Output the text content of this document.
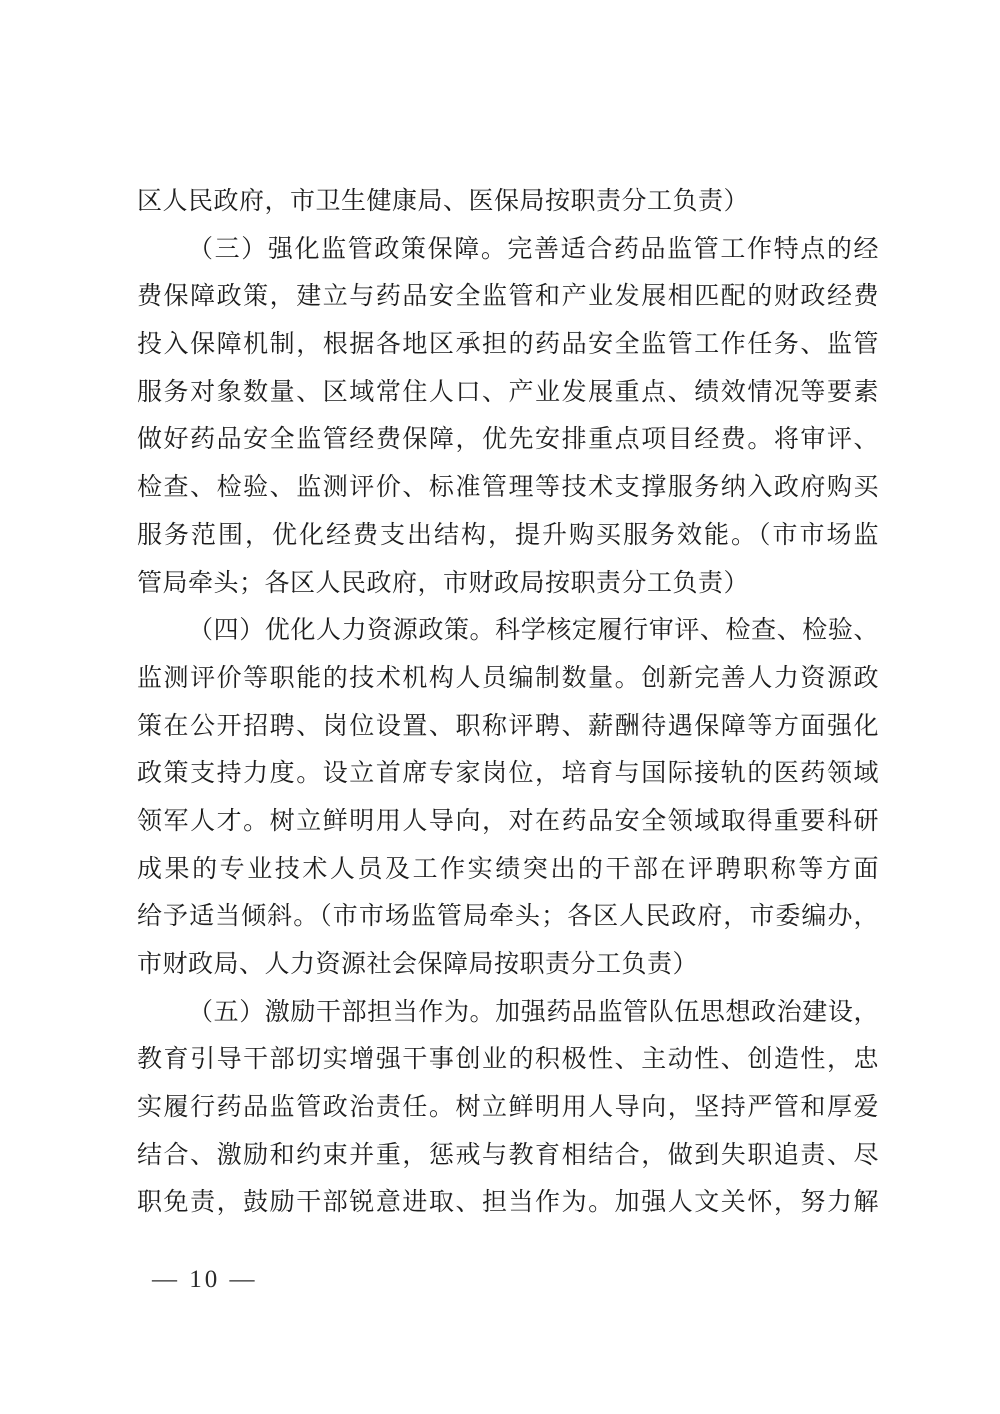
区人民政府，市卫生健康局、医保局按职责分工负责）
（三）强化监管政策保障。完善适合药品监管工作特点的经
费保障政策，建立与药品安全监管和产业发展相匹配的财政经费
投入保障机制，根据各地区承担的药品安全监管工作任务、监管
服务对象数量、区域常住人口、产业发展重点、绩效情况等要素
做好药品安全监管经费保障，优先安排重点项目经费。将审评、
检查、检验、监测评价、标准管理等技术支撑服务纳入政府购买
服务范围，优化经费支出结构，提升购买服务效能。（市市场监
管局牵头；各区人民政府，市财政局按职责分工负责）
（四）优化人力资源政策。科学核定履行审评、检查、检验、
监测评价等职能的技术机构人员编制数量。创新完善人力资源政
策在公开招聘、岗位设置、职称评聘、薪酬待遇保障等方面强化
政策支持力度。设立首席专家岗位，培育与国际接轨的医药领域
领军人才。树立鲜明用人导向，对在药品安全领域取得重要科研
成果的专业技术人员及工作实绩突出的干部在评聘职称等方面
给予适当倾斜。（市市场监管局牵头；各区人民政府，市委编办，
市财政局、人力资源社会保障局按职责分工负责）
（五）激励干部担当作为。加强药品监管队伍思想政治建设，
教育引导干部切实增强干事创业的积极性、主动性、创造性，忠
实履行药品监管政治责任。树立鲜明用人导向，坚持严管和厚爱
结合、激励和约束并重，惩戒与教育相结合，做到失职追责、尽
职免责，鼓励干部锐意进取、担当作为。加强人文关怀，努力解
— 10 —
